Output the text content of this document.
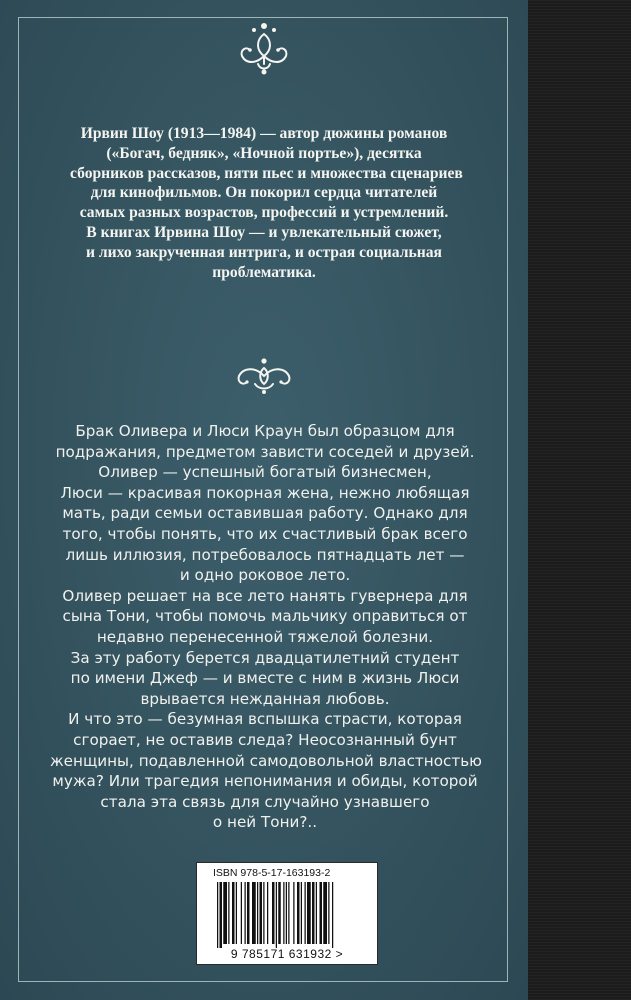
Ирвин Шоу (1913—1984) — автор дюжины романов
(«Богач, бедняк», «Ночной портье»), десятка
сборников рассказов, пяти пьес и множества сценариев
для кинофильмов. Он покорил сердца читателей
самых разных возрастов, профессий и устремлений.
В книгах Ирвина Шоу — и увлекательный сюжет,
и лихо закрученная интрига, и острая социальная
проблематика.
Брак Оливера и Люси Краун был образцом для
подражания, предметом зависти соседей и друзей.
Оливер — успешный богатый бизнесмен,
Люси — красивая покорная жена, нежно любящая
мать, ради семьи оставившая работу. Однако для
того, чтобы понять, что их счастливый брак всего
лишь иллюзия, потребовалось пятнадцать лет —
и одно роковое лето.
Оливер решает на все лето нанять гувернера для
сына Тони, чтобы помочь мальчику оправиться от
недавно перенесенной тяжелой болезни.
За эту работу берется двадцатилетний студент
по имени Джеф — и вместе с ним в жизнь Люси
врывается нежданная любовь.
И что это — безумная вспышка страсти, которая
сгорает, не оставив следа? Неосознанный бунт
женщины, подавленной самодовольной властностью
мужа? Или трагедия непонимания и обиды, которой
стала эта связь для случайно узнавшего
о ней Тони?..
ISBN 978-5-17-163193-2
9 785171 631932 >
